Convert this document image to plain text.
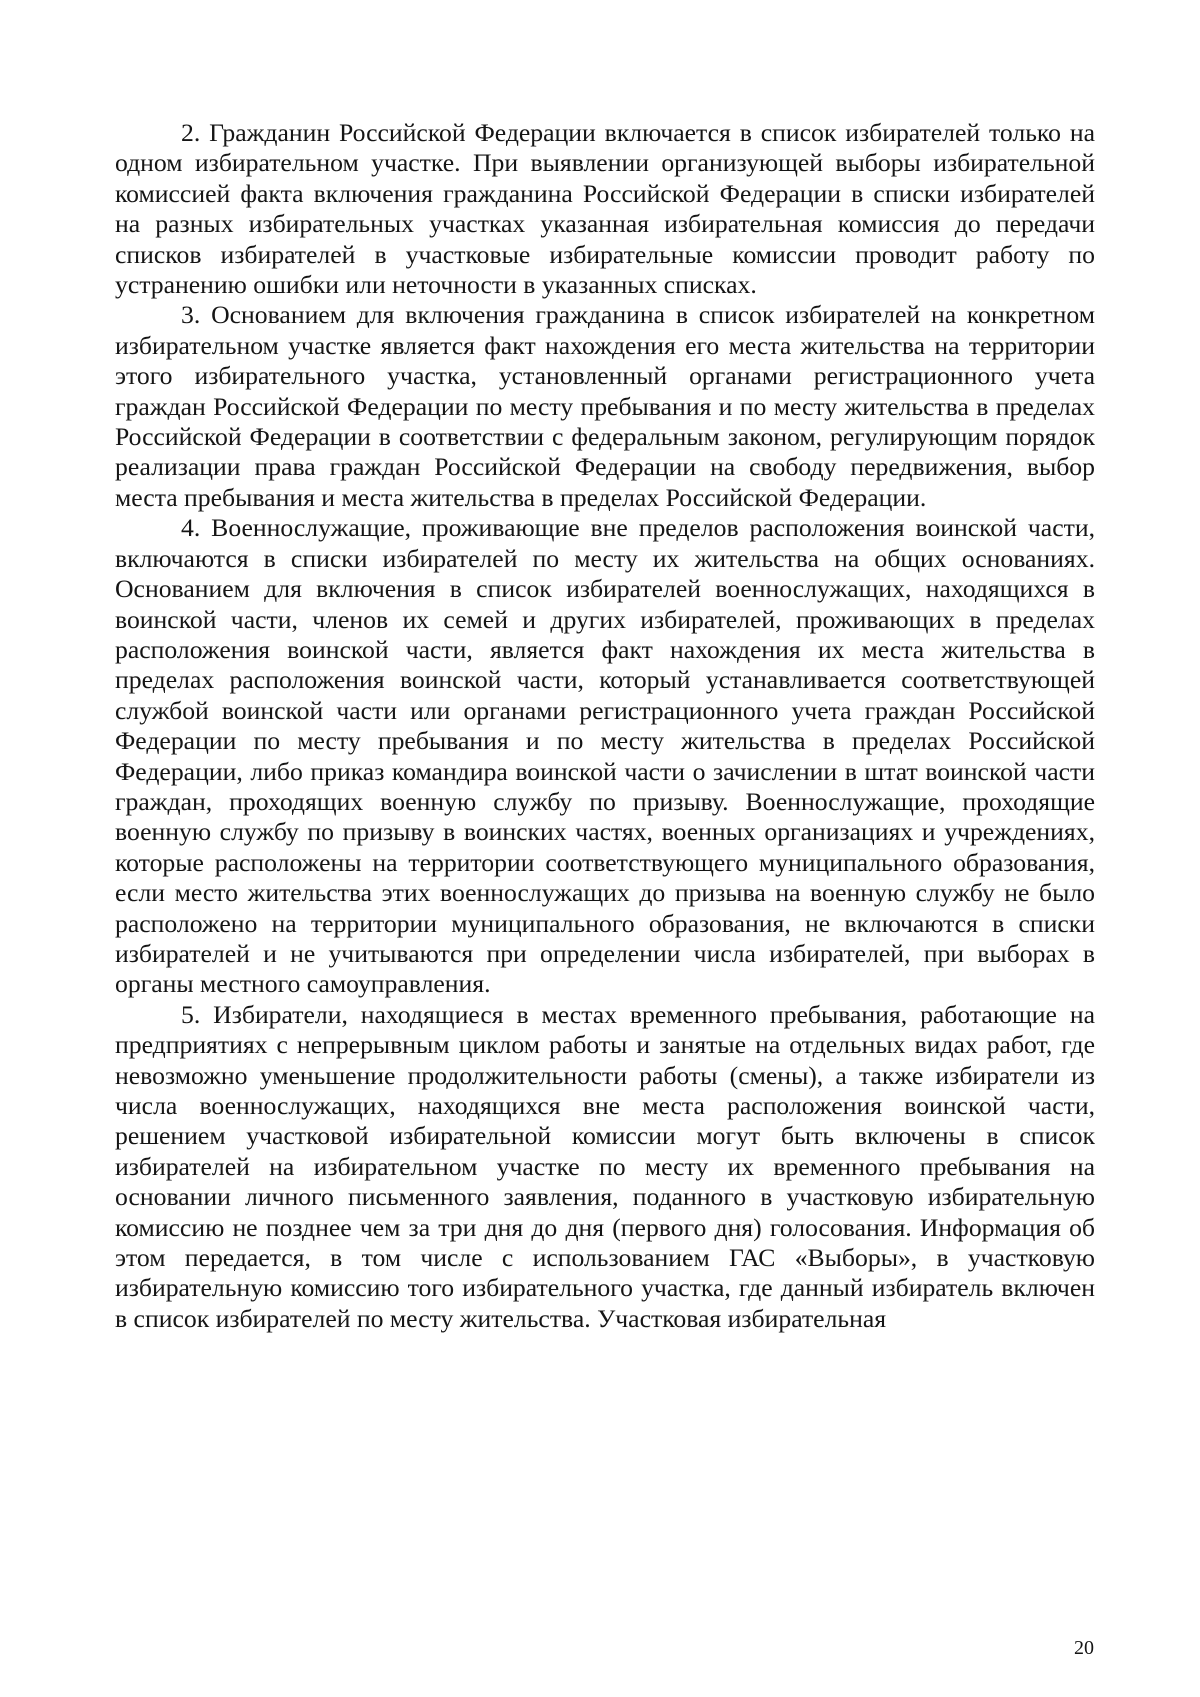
2. Гражданин Российской Федерации включается в список избирателей только на одном избирательном участке. При выявлении организующей выборы избирательной комиссией факта включения гражданина Российской Федерации в списки избирателей на разных избирательных участках указанная избирательная комиссия до передачи списков избирателей в участковые избирательные комиссии проводит работу по устранению ошибки или неточности в указанных списках.

3. Основанием для включения гражданина в список избирателей на конкретном избирательном участке является факт нахождения его места жительства на территории этого избирательного участка, установленный органами регистрационного учета граждан Российской Федерации по месту пребывания и по месту жительства в пределах Российской Федерации в соответствии с федеральным законом, регулирующим порядок реализации права граждан Российской Федерации на свободу передвижения, выбор места пребывания и места жительства в пределах Российской Федерации.

4. Военнослужащие, проживающие вне пределов расположения воинской части, включаются в списки избирателей по месту их жительства на общих основаниях. Основанием для включения в список избирателей военнослужащих, находящихся в воинской части, членов их семей и других избирателей, проживающих в пределах расположения воинской части, является факт нахождения их места жительства в пределах расположения воинской части, который устанавливается соответствующей службой воинской части или органами регистрационного учета граждан Российской Федерации по месту пребывания и по месту жительства в пределах Российской Федерации, либо приказ командира воинской части о зачислении в штат воинской части граждан, проходящих военную службу по призыву. Военнослужащие, проходящие военную службу по призыву в воинских частях, военных организациях и учреждениях, которые расположены на территории соответствующего муниципального образования, если место жительства этих военнослужащих до призыва на военную службу не было расположено на территории муниципального образования, не включаются в списки избирателей и не учитываются при определении числа избирателей, при выборах в органы местного самоуправления.

5. Избиратели, находящиеся в местах временного пребывания, работающие на предприятиях с непрерывным циклом работы и занятые на отдельных видах работ, где невозможно уменьшение продолжительности работы (смены), а также избиратели из числа военнослужащих, находящихся вне места расположения воинской части, решением участковой избирательной комиссии могут быть включены в список избирателей на избирательном участке по месту их временного пребывания на основании личного письменного заявления, поданного в участковую избирательную комиссию не позднее чем за три дня до дня (первого дня) голосования. Информация об этом передается, в том числе с использованием ГАС «Выборы», в участковую избирательную комиссию того избирательного участка, где данный избиратель включен в список избирателей по месту жительства. Участковая избирательная

20
